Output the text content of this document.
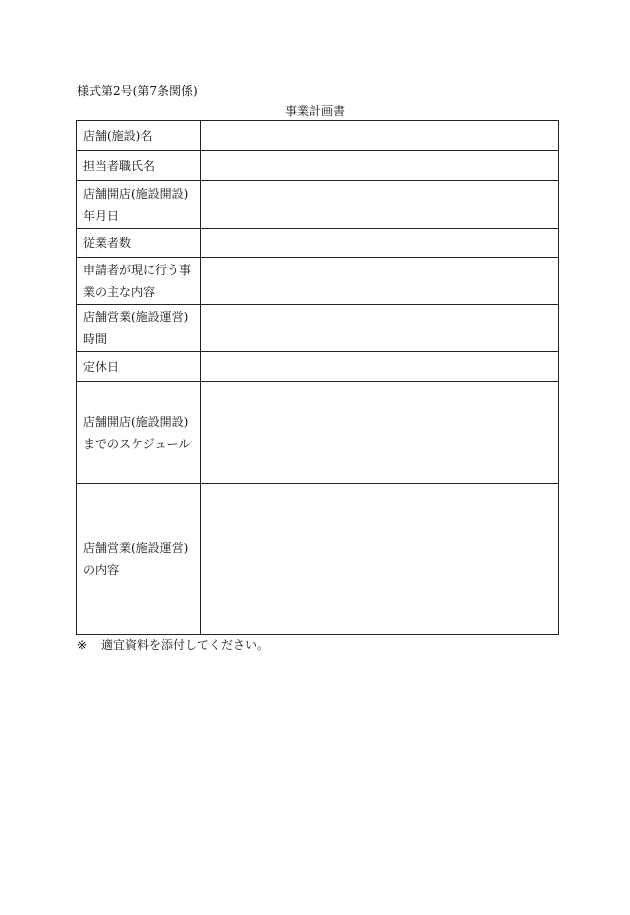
様式第2号(第7条関係)
事業計画書
店舗(施設)名	

担当者職氏名	

店舗開店(施設開設)
年月日	

従業者数	

申請者が現に行う事
業の主な内容	

店舗営業(施設運営)
時間	

定休日	

店舗開店(施設開設)
までのスケジュール	

店舗営業(施設運営)
の内容	

※ 適宜資料を添付してください。
